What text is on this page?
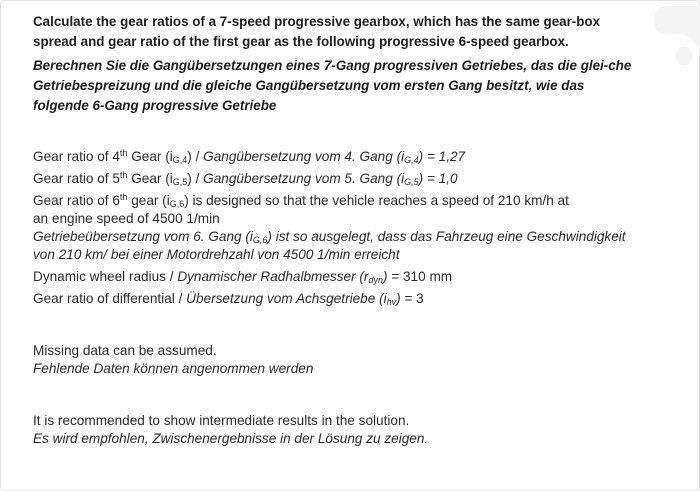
Calculate the gear ratios of a 7-speed progressive gearbox, which has the same gear-box spread and gear ratio of the first gear as the following progressive 6-speed gearbox.

Berechnen Sie die Gangübersetzungen eines 7-Gang progressiven Getriebes, das die glei-che Getriebespreizung und die gleiche Gangübersetzung vom ersten Gang besitzt, wie das folgende 6-Gang progressive Getriebe

Gear ratio of 4th Gear $(i_{G,4})$ / Gangübersetzung vom 4. Gang $(i_{G,4}) = 1,27$

Gear ratio of 5th Gear $(i_{G,5})$ / Gangübersetzung vom 5. Gang $(i_{G,5}) = 1,0$

Gear ratio of 6th gear $(i_{G,6})$ is designed so that the vehicle reaches a speed of 210 km/h at
an engine speed of 4500 1/min

Getriebeübersetzung vom 6. Gang $(i_{G,6})$ ist so ausgelegt, dass das Fahrzeug eine Geschwindigkeit
von 210 km/ bei einer Motordrehzahl von 4500 1/min erreicht

Dynamic wheel radius / Dynamischer Radhalbmesser $(r_{dyn}) = 310$ mm

Gear ratio of differential / Übersetzung vom Achsgetriebe $(i_{hv}) = 3$

Missing data can be assumed.

Fehlende Daten können angenommen werden

It is recommended to show intermediate results in the solution.

Es wird empfohlen, Zwischenergebnisse in der Lösung zu zeigen.
